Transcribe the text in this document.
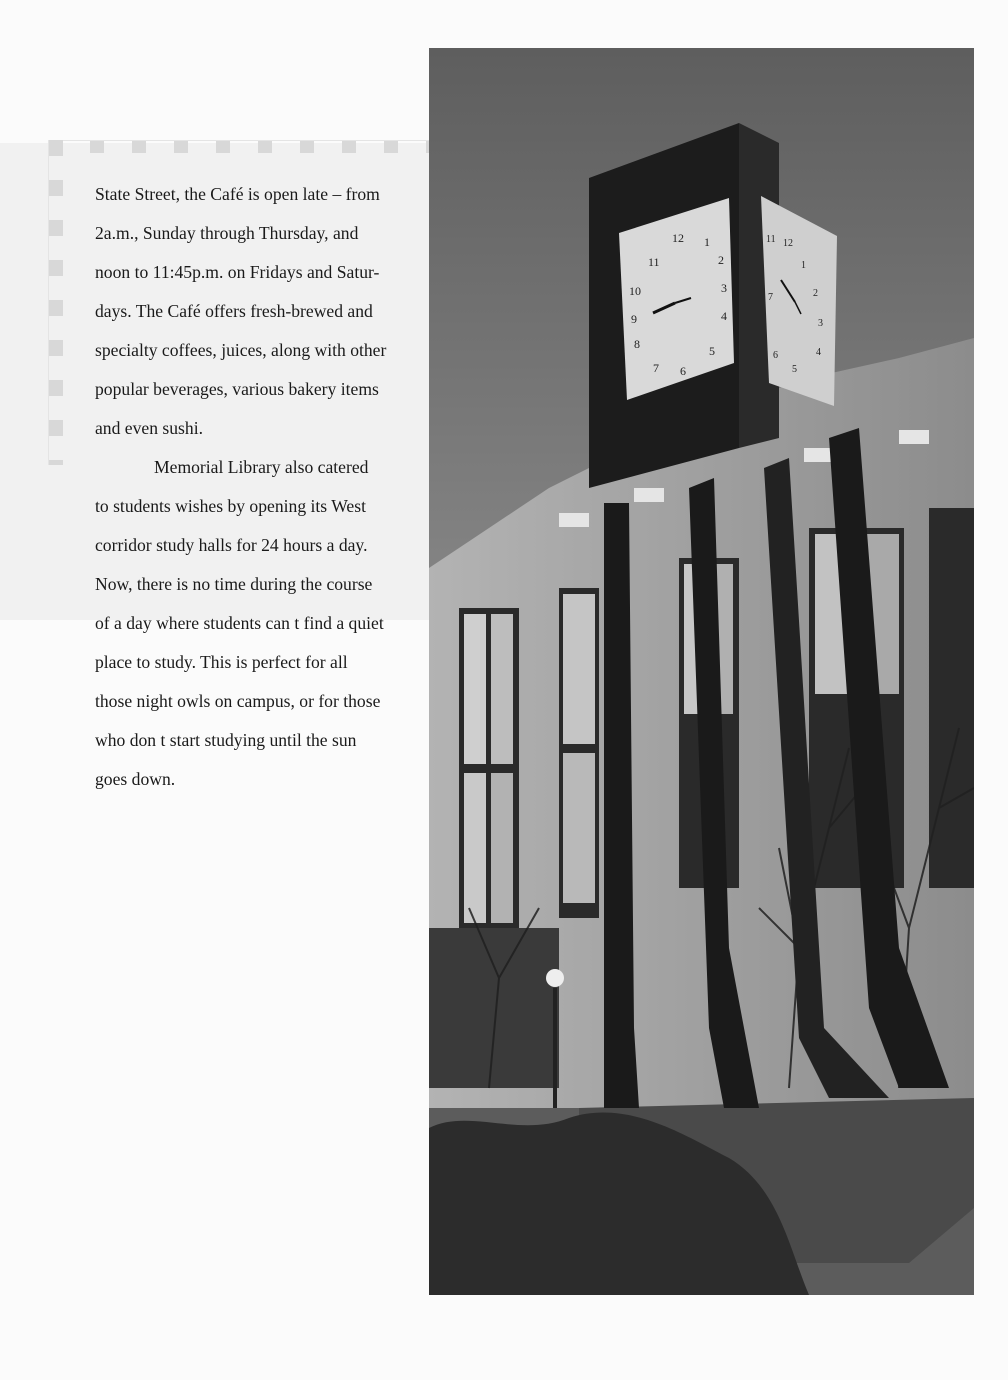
State Street, the Café is open late – from
2a.m., Sunday through Thursday, and
noon to 11:45p.m. on Fridays and Satur-
days. The Café offers fresh-brewed and
specialty coffees, juices, along with other
popular beverages, various bakery items
and even sushi.

Memorial Library also catered
to students wishes by opening its West
corridor study halls for 24 hours a day.
Now, there is no time during the course
of a day where students can t find a quiet
place to study. This is perfect for all
those night owls on campus, or for those
who don t start studying until the sun
goes down.

12 1
2
3
4
5
6
7
8
9
10
11
11 12
1
2
3
4
5
6
7
